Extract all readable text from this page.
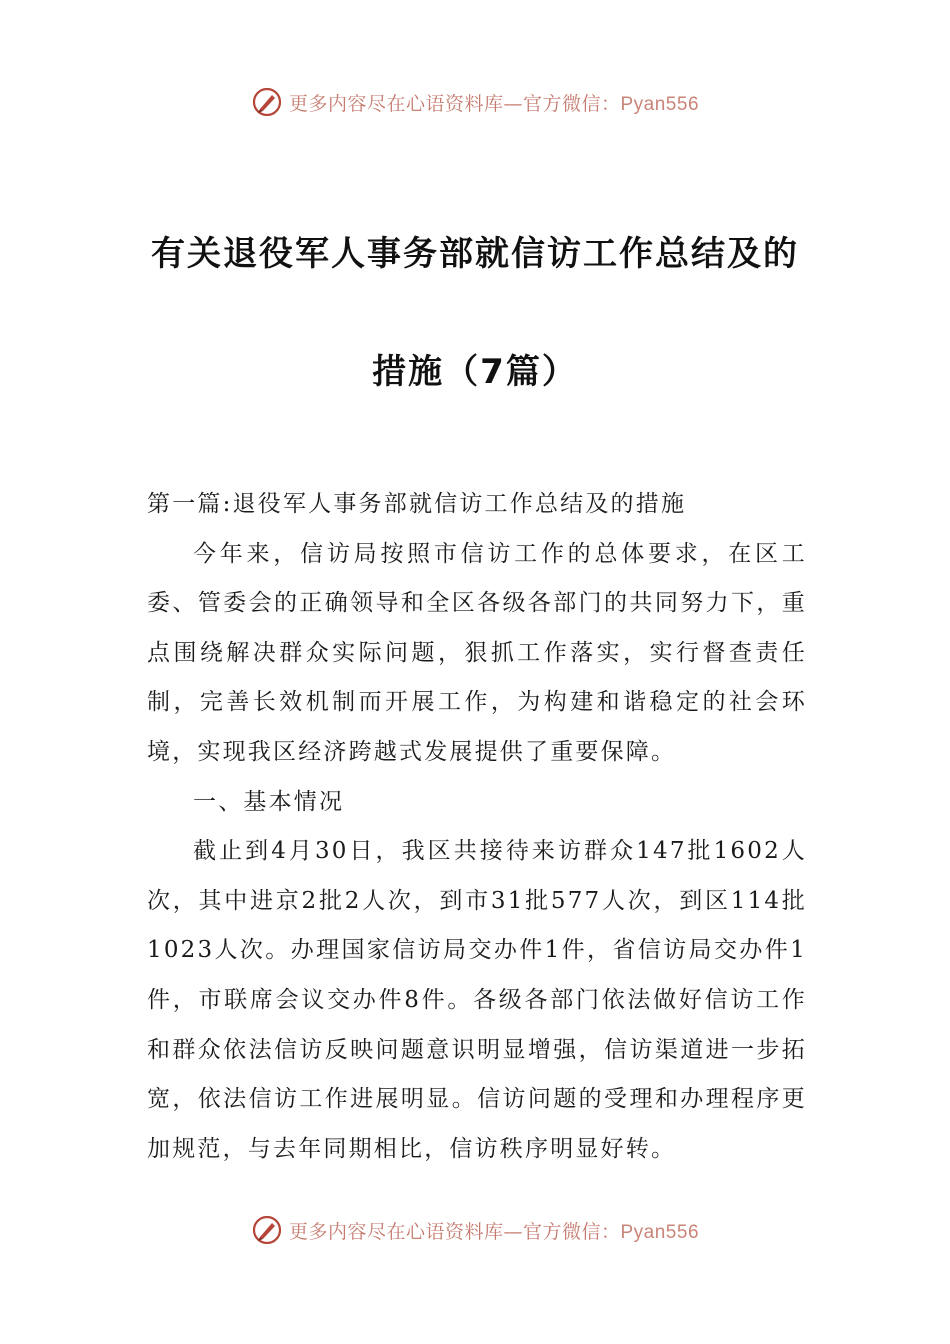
更多内容尽在心语资料库—官方微信：Pyan556
有关退役军人事务部就信访工作总结及的
措施（7篇）

第一篇:退役军人事务部就信访工作总结及的措施

今年来，信访局按照市信访工作的总体要求，在区工委、管委会的正确领导和全区各级各部门的共同努力下，重点围绕解决群众实际问题，狠抓工作落实，实行督查责任制，完善长效机制而开展工作，为构建和谐稳定的社会环境，实现我区经济跨越式发展提供了重要保障。

一、基本情况

截止到4月30日，我区共接待来访群众147批1602人次，其中进京2批2人次，到市31批577人次，到区114批1023人次。办理国家信访局交办件1件，省信访局交办件1件，市联席会议交办件8件。各级各部门依法做好信访工作和群众依法信访反映问题意识明显增强，信访渠道进一步拓宽，依法信访工作进展明显。信访问题的受理和办理程序更加规范，与去年同期相比，信访秩序明显好转。

更多内容尽在心语资料库—官方微信：Pyan556
